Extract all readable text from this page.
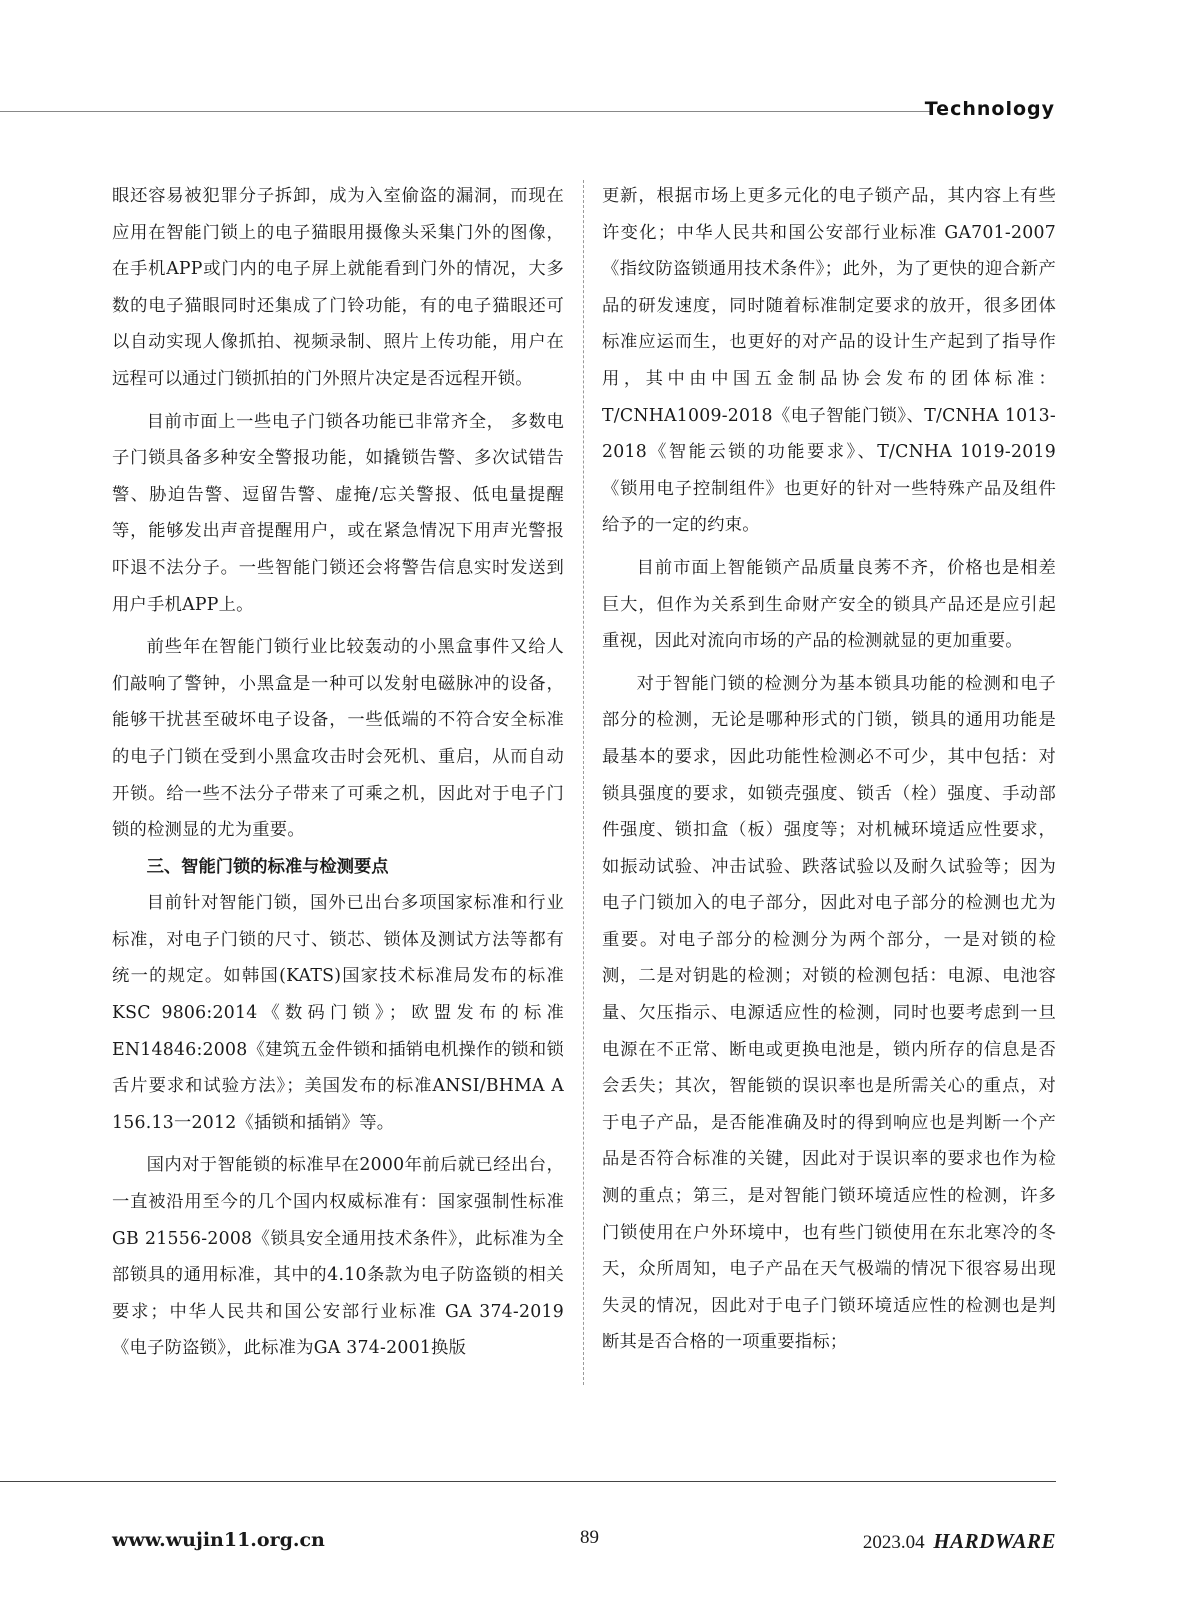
Technology

眼还容易被犯罪分子拆卸，成为入室偷盗的漏洞，而现在应用在智能门锁上的电子猫眼用摄像头采集门外的图像，在手机APP或门内的电子屏上就能看到门外的情况，大多数的电子猫眼同时还集成了门铃功能，有的电子猫眼还可以自动实现人像抓拍、视频录制、照片上传功能，用户在远程可以通过门锁抓拍的门外照片决定是否远程开锁。

目前市面上一些电子门锁各功能已非常齐全， 多数电子门锁具备多种安全警报功能，如撬锁告警、多次试错告警、胁迫告警、逗留告警、虚掩/忘关警报、低电量提醒等，能够发出声音提醒用户，或在紧急情况下用声光警报吓退不法分子。一些智能门锁还会将警告信息实时发送到用户手机APP上。

前些年在智能门锁行业比较轰动的小黑盒事件又给人们敲响了警钟，小黑盒是一种可以发射电磁脉冲的设备，能够干扰甚至破坏电子设备，一些低端的不符合安全标准的电子门锁在受到小黑盒攻击时会死机、重启，从而自动开锁。给一些不法分子带来了可乘之机，因此对于电子门锁的检测显的尤为重要。

三、智能门锁的标准与检测要点

目前针对智能门锁，国外已出台多项国家标准和行业标准，对电子门锁的尺寸、锁芯、锁体及测试方法等都有统一的规定。如韩国(KATS)国家技术标准局发布的标准KSC 9806:2014《数码门锁》；欧盟发布的标准EN14846:2008《建筑五金件锁和插销电机操作的锁和锁舌片要求和试验方法》；美国发布的标准ANSI/BHMA A 156.13一2012《插锁和插销》等。

国内对于智能锁的标准早在2000年前后就已经出台，一直被沿用至今的几个国内权威标准有：国家强制性标准GB 21556-2008《锁具安全通用技术条件》，此标准为全部锁具的通用标准，其中的4.10条款为电子防盗锁的相关要求；中华人民共和国公安部行业标准 GA 374-2019《电子防盗锁》，此标准为GA 374-2001换版

更新，根据市场上更多元化的电子锁产品，其内容上有些许变化；中华人民共和国公安部行业标准 GA701-2007《指纹防盗锁通用技术条件》；此外，为了更快的迎合新产品的研发速度，同时随着标准制定要求的放开，很多团体标准应运而生，也更好的对产品的设计生产起到了指导作用，其中由中国五金制品协会发布的团体标准：T/CNHA1009-2018《电子智能门锁》、T/CNHA 1013-2018《智能云锁的功能要求》、T/CNHA 1019-2019 《锁用电子控制组件》也更好的针对一些特殊产品及组件给予的一定的约束。

目前市面上智能锁产品质量良莠不齐，价格也是相差巨大，但作为关系到生命财产安全的锁具产品还是应引起重视，因此对流向市场的产品的检测就显的更加重要。

对于智能门锁的检测分为基本锁具功能的检测和电子部分的检测，无论是哪种形式的门锁，锁具的通用功能是最基本的要求，因此功能性检测必不可少，其中包括：对锁具强度的要求，如锁壳强度、锁舌（栓）强度、手动部件强度、锁扣盒（板）强度等；对机械环境适应性要求，如振动试验、冲击试验、跌落试验以及耐久试验等；因为电子门锁加入的电子部分，因此对电子部分的检测也尤为重要。对电子部分的检测分为两个部分，一是对锁的检测，二是对钥匙的检测；对锁的检测包括：电源、电池容量、欠压指示、电源适应性的检测，同时也要考虑到一旦电源在不正常、断电或更换电池是，锁内所存的信息是否会丢失；其次，智能锁的误识率也是所需关心的重点，对于电子产品，是否能准确及时的得到响应也是判断一个产品是否符合标准的关键，因此对于误识率的要求也作为检测的重点；第三，是对智能门锁环境适应性的检测，许多门锁使用在户外环境中，也有些门锁使用在东北寒冷的冬天，众所周知，电子产品在天气极端的情况下很容易出现失灵的情况，因此对于电子门锁环境适应性的检测也是判断其是否合格的一项重要指标；

www.wujin11.org.cn	89	2023.04 HARDWARE
